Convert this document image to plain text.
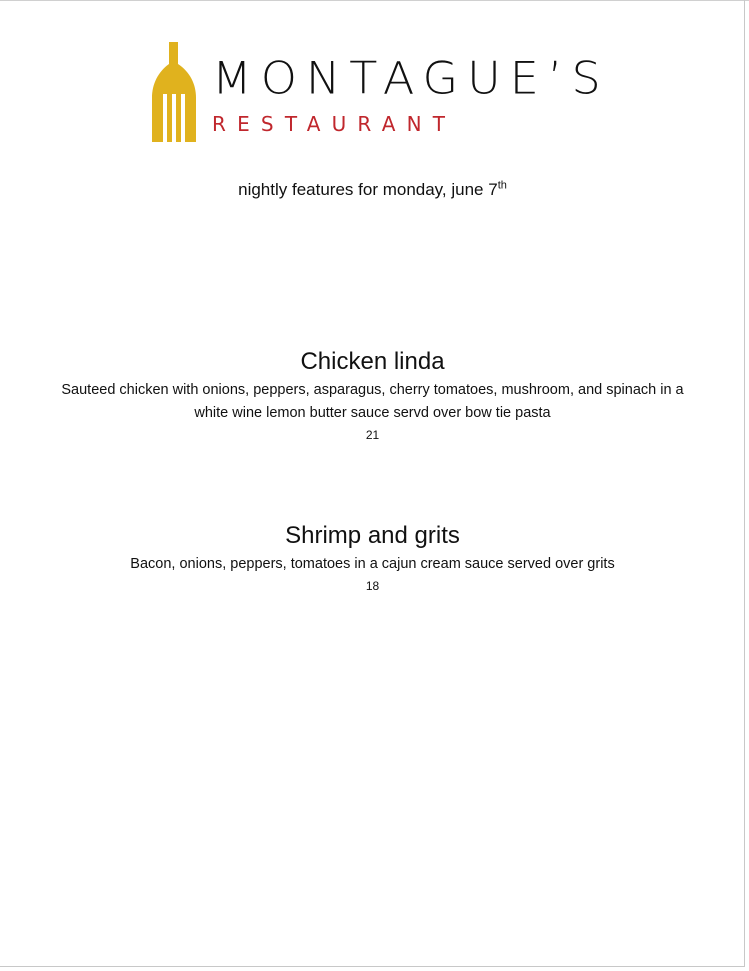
MONTAGUE’S
RESTAURANT
nightly features for monday, june 7th
Chicken linda
Sauteed chicken with onions, peppers, asparagus, cherry tomatoes, mushroom, and spinach in a white wine lemon butter sauce servd over bow tie pasta
21
Shrimp and grits
Bacon, onions, peppers, tomatoes in a cajun cream sauce served over grits
18
